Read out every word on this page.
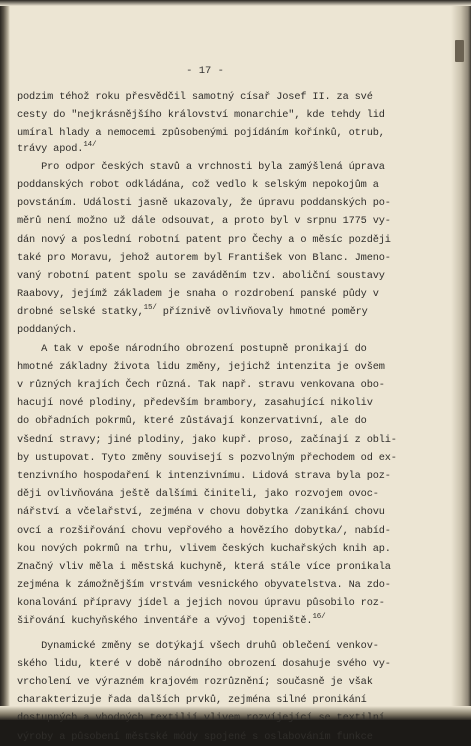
- 17 -
podzim téhož roku přesvědčil samotný císař Josef II. za své
cesty do "nejkrásnějšího království monarchie", kde tehdy lid
umíral hlady a nemocemi způsobenými pojídáním kořínků, otrub,
trávy apod.$^{14/}$
Pro odpor českých stavů a vrchnosti byla zamýšlená úprava
poddanských robot odkládána, což vedlo k selským nepokojům a
povstáním. Události jasně ukazovaly, že úpravu poddanských po-
měrů není možno už dále odsouvat, a proto byl v srpnu 1775 vy-
dán nový a poslední robotní patent pro Čechy a o měsíc později
také pro Moravu, jehož autorem byl František von Blanc. Jmeno-
vaný robotní patent spolu se zaváděním tzv. aboliční soustavy
Raabovy, jejímž základem je snaha o rozdrobení panské půdy v
drobné selské statky,$^{15/}$ příznivě ovlivňovaly hmotné poměry
poddaných.
A tak v epoše národního obrození postupně pronikají do
hmotné základny života lidu změny, jejichž intenzita je ovšem
v různých krajích Čech různá. Tak např. stravu venkovana obo-
hacují nové plodiny, především brambory, zasahující nikoliv
do obřadních pokrmů, které zůstávají konzervativní, ale do
všední stravy; jiné plodiny, jako kupř. proso, začínají z obli-
by ustupovat. Tyto změny souvisejí s pozvolným přechodem od ex-
tenzivního hospodaření k intenzivnímu. Lidová strava byla poz-
ději ovlivňována ještě dalšími činiteli, jako rozvojem ovoc-
nářství a včelařství, zejména v chovu dobytka /zanikání chovu
ovcí a rozšiřování chovu vepřového a hovězího dobytka/, nabíd-
kou nových pokrmů na trhu, vlivem českých kuchařských knih ap.
Značný vliv měla i městská kuchyně, která stále více pronikala
zejména k zámožnějším vrstvám vesnického obyvatelstva. Na zdo-
konalování přípravy jídel a jejich novou úpravu působilo roz-
šiřování kuchyňského inventáře a vývoj topeniště.$^{16/}$
Dynamické změny se dotýkají všech druhů oblečení venkov-
ského lidu, které v době národního obrození dosahuje svého vy-
vrcholení ve výrazném krajovém rozrůznění; současně je však
charakterizuje řada dalších prvků, zejména silné pronikání
dostupných a vhodných textilií vlivem rozvíjející se textilní
výroby a působení městské módy spojené s oslabováním funkce
